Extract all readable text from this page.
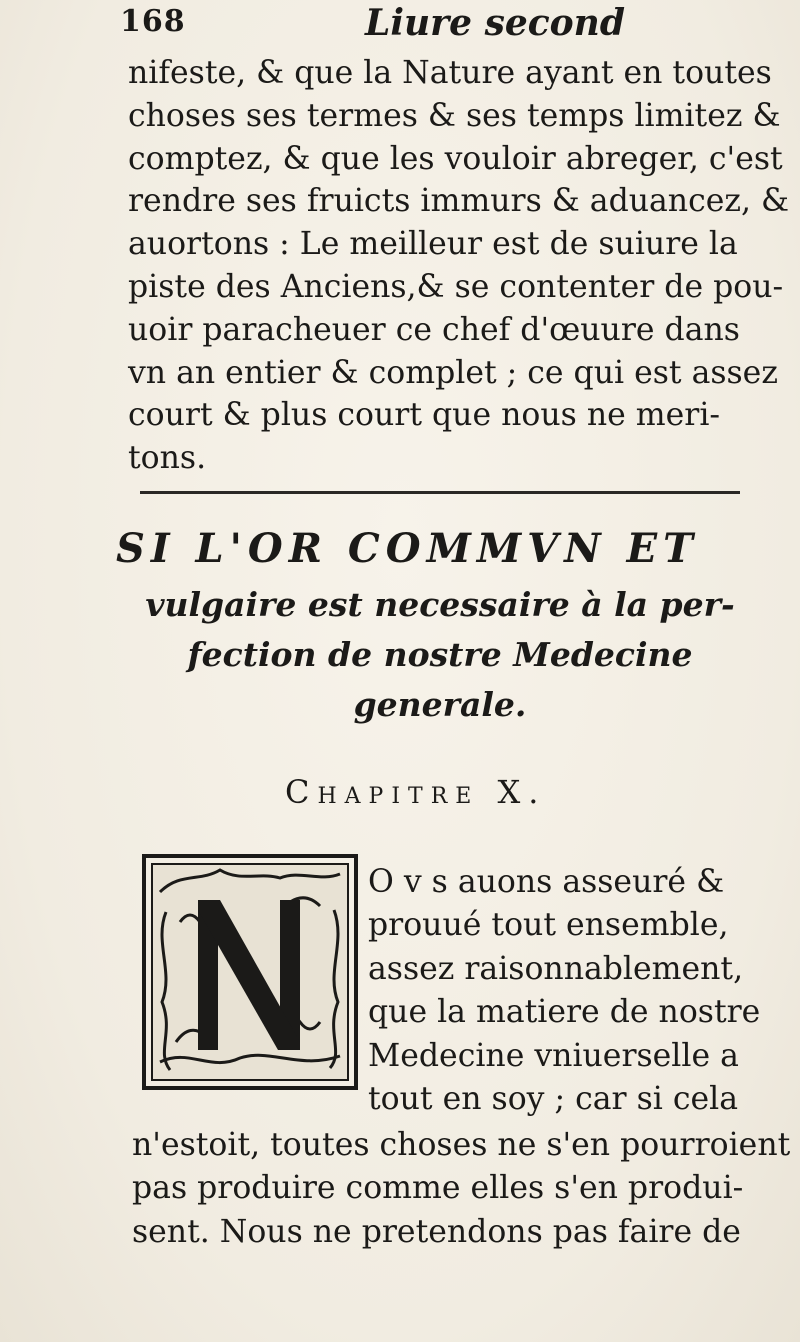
168	Liure second
nifeste, & que la Nature ayant en toutes
choses ses termes & ses temps limitez &
comptez, & que les vouloir abreger, c'est
rendre ses fruicts immurs & aduancez, &
auortons : Le meilleur est de suiure la
piste des Anciens,& se contenter de pou-
uoir paracheuer ce chef d'œuure dans
vn an entier & complet ; ce qui est assez
court & plus court que nous ne meri-
tons.
SI L'OR COMMVN ET
vulgaire est necessaire à la per-
fection de nostre Medecine
generale.
Chapitre X.
O v s auons asseuré &
prouué tout ensemble,
assez raisonnablement,
que la matiere de nostre
Medecine vniuerselle a
tout en soy ; car si cela
n'estoit, toutes choses ne s'en pourroient
pas produire comme elles s'en produi-
sent. Nous ne pretendons pas faire de
